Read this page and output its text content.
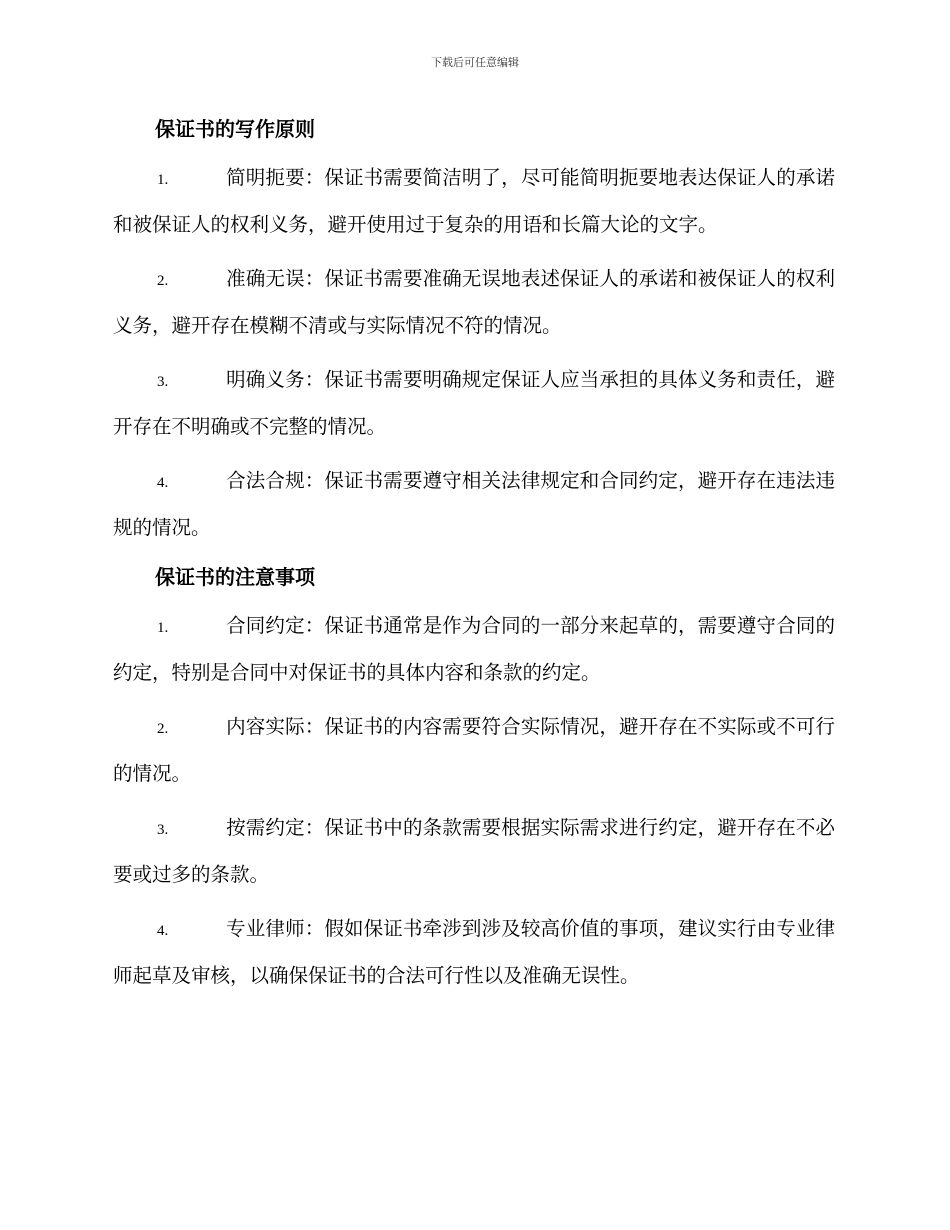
下载后可任意编辑
保证书的写作原则

1.	简明扼要：保证书需要简洁明了，尽可能简明扼要地表达保证人的承诺和被保证人的权利义务，避开使用过于复杂的用语和长篇大论的文字。

2.	准确无误：保证书需要准确无误地表述保证人的承诺和被保证人的权利义务，避开存在模糊不清或与实际情况不符的情况。

3.	明确义务：保证书需要明确规定保证人应当承担的具体义务和责任，避开存在不明确或不完整的情况。

4.	合法合规：保证书需要遵守相关法律规定和合同约定，避开存在违法违规的情况。

保证书的注意事项

1.	合同约定：保证书通常是作为合同的一部分来起草的，需要遵守合同的约定，特别是合同中对保证书的具体内容和条款的约定。

2.	内容实际：保证书的内容需要符合实际情况，避开存在不实际或不可行的情况。

3.	按需约定：保证书中的条款需要根据实际需求进行约定，避开存在不必要或过多的条款。

4.	专业律师：假如保证书牵涉到涉及较高价值的事项，建议实行由专业律师起草及审核，以确保保证书的合法可行性以及准确无误性。
